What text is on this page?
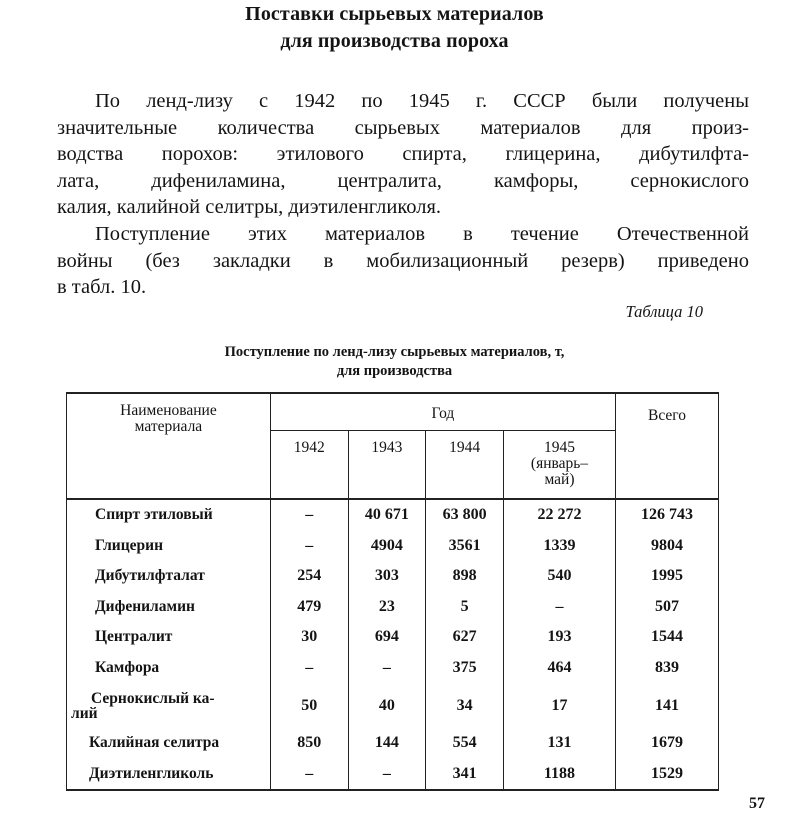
Поставки сырьевых материалов
для производства пороха

По ленд-лизу с 1942 по 1945 г. СССР были получены
значительные количества сырьевых материалов для произ-
водства порохов: этилового спирта, глицерина, дибутилфта-
лата, дифениламина, централита, камфоры, сернокислого
калия, калийной селитры, диэтиленгликоля.

Поступление этих материалов в течение Отечественной
войны (без закладки в мобилизационный резерв) приведено
в табл. 10.

Таблица 10
Поступление по ленд-лизу сырьевых материалов, т,
для производства
Наименование
материала	Год				Всего

	1942	1943	1944	1945
(январь–
май)	

Спирт этиловый	–	40 671	63 800	22 272	126 743
Глицерин	–	4904	3561	1339	9804
Дибутилфталат	254	303	898	540	1995
Дифениламин	479	23	5	–	507
Централит	30	694	627	193	1544
Камфора	–	–	375	464	839

Сернокислый ка-
лий	50	40	34	17	141
Калийная селитра	850	144	554	131	1679
Диэтиленгликоль	–	–	341	1188	1529
57
